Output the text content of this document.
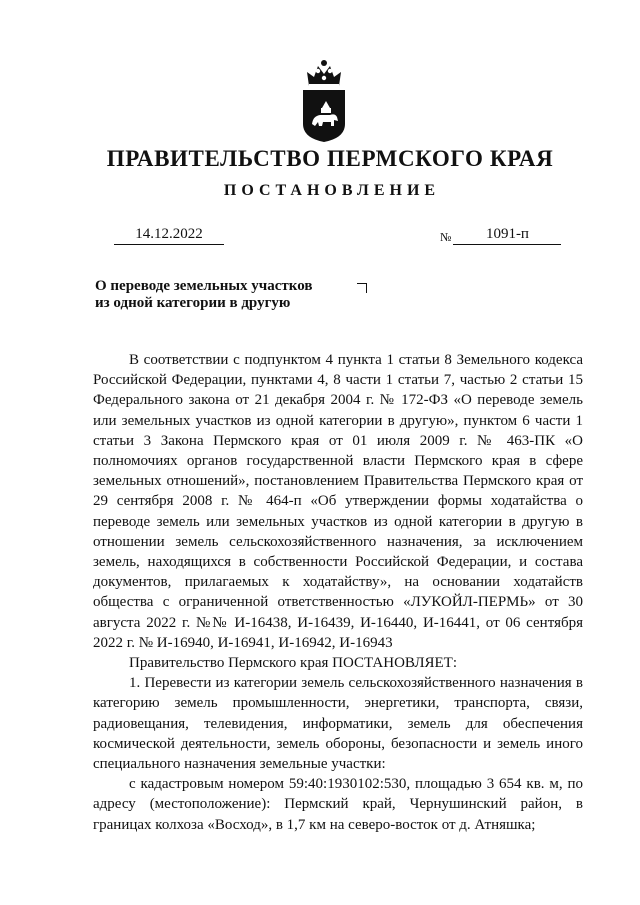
ПРАВИТЕЛЬСТВО ПЕРМСКОГО КРАЯ
ПОСТАНОВЛЕНИЕ
14.12.2022	№	1091-п
О переводе земельных участков
из одной категории в другую

В соответствии с подпунктом 4 пункта 1 статьи 8 Земельного кодекса Российской Федерации, пунктами 4, 8 части 1 статьи 7, частью 2 статьи 15 Федерального закона от 21 декабря 2004 г. № 172-ФЗ «О переводе земель или земельных участков из одной категории в другую», пунктом 6 части 1 статьи 3 Закона Пермского края от 01 июля 2009 г. № 463-ПК «О полномочиях органов государственной власти Пермского края в сфере земельных отношений», постановлением Правительства Пермского края от 29 сентября 2008 г. № 464-п «Об утверждении формы ходатайства о переводе земель или земельных участков из одной категории в другую в отношении земель сельскохозяйственного назначения, за исключением земель, находящихся в собственности Российской Федерации, и состава документов, прилагаемых к ходатайству», на основании ходатайств общества с ограниченной ответственностью «ЛУКОЙЛ-ПЕРМЬ» от 30 августа 2022 г. №№ И-16438, И-16439, И-16440, И-16441, от 06 сентября 2022 г. № И-16940, И-16941, И-16942, И-16943

Правительство Пермского края ПОСТАНОВЛЯЕТ:

1. Перевести из категории земель сельскохозяйственного назначения в категорию земель промышленности, энергетики, транспорта, связи, радиовещания, телевидения, информатики, земель для обеспечения космической деятельности, земель обороны, безопасности и земель иного специального назначения земельные участки:

с кадастровым номером 59:40:1930102:530, площадью 3 654 кв. м, по адресу (местоположение): Пермский край, Чернушинский район, в границах колхоза «Восход», в 1,7 км на северо-восток от д. Атняшка;
